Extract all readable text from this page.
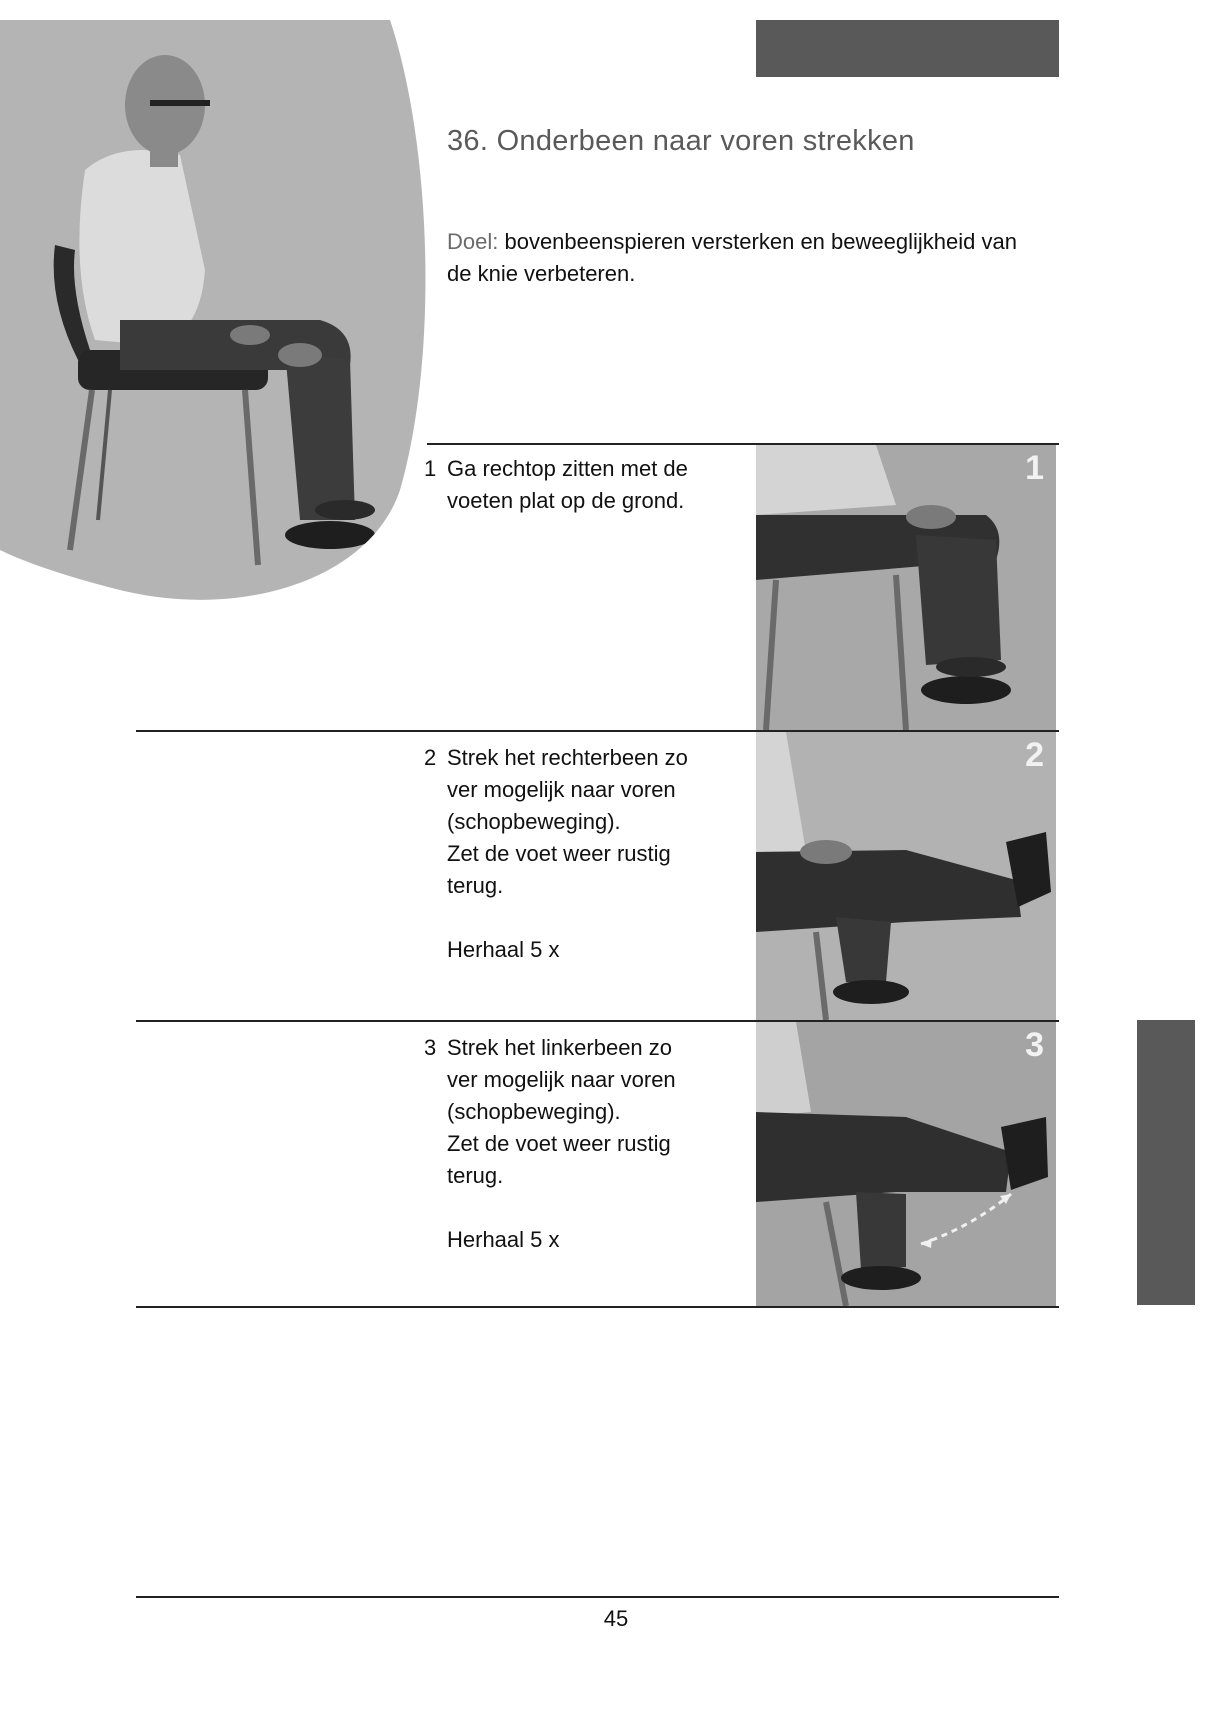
36. Onderbeen naar voren strekken
Doel: bovenbeenspieren versterken en beweeglijkheid van de knie verbeteren.
1 Ga rechtop zitten met de
voeten plat op de grond.
1
2 Strek het rechterbeen zo
ver mogelijk naar voren
(schopbeweging).
Zet de voet weer rustig
terug.
Herhaal 5 x
2
3 Strek het linkerbeen zo
ver mogelijk naar voren
(schopbeweging).
Zet de voet weer rustig
terug.
Herhaal 5 x
3
45
